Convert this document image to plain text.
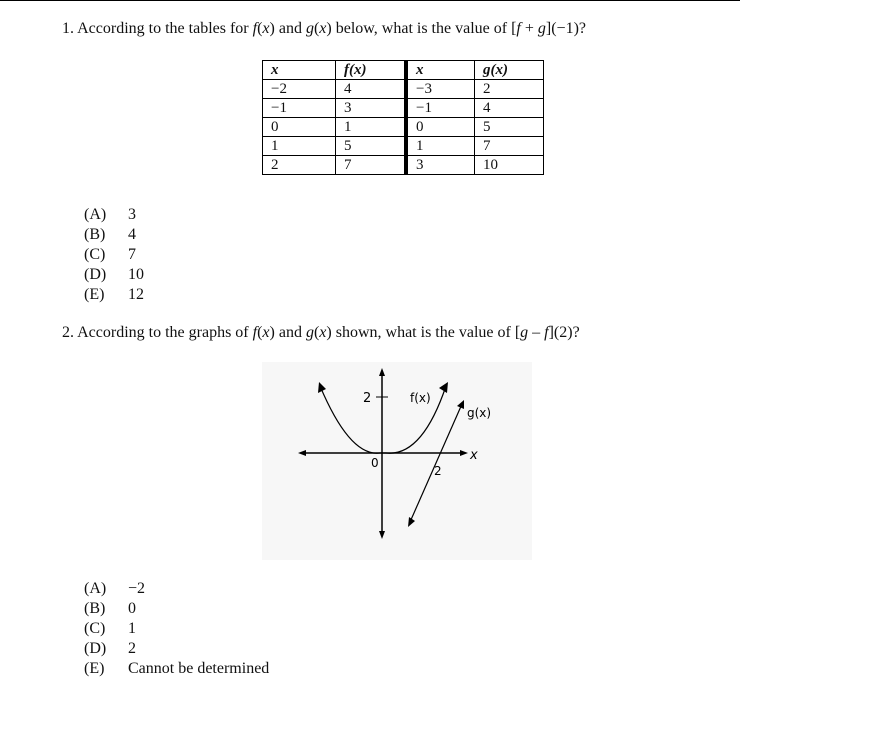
1. According to the tables for f(x) and g(x) below, what is the value of [f + g](−1)?
x	f(x)	x	g(x)
−2	4	−3	2
−1	3	−1	4
0	1	0	5
1	5	1	7
2	7	3	10
(A)	3
(B)	4
(C)	7
(D)	10
(E)	12
2. According to the graphs of f(x) and g(x) shown, what is the value of [g – f](2)?
x
2
0
f(x)
g(x)
2
(A)	−2
(B)	0
(C)	1
(D)	2
(E)	Cannot be determined
